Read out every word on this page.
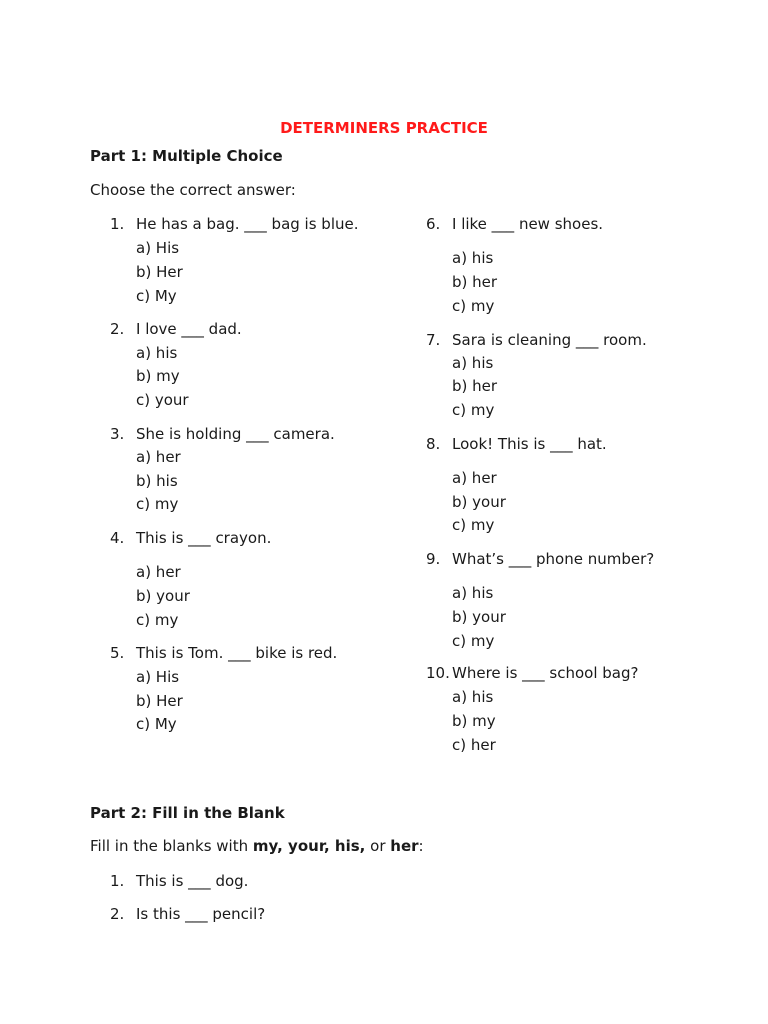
DETERMINERS PRACTICE
Part 1: Multiple Choice
Choose the correct answer:
1. He has a bag. ___ bag is blue.
a) His
b) Her
c) My
2. I love ___ dad.
a) his
b) my
c) your
3. She is holding ___ camera.
a) her
b) his
c) my
4. This is ___ crayon.
a) her
b) your
c) my
5. This is Tom. ___ bike is red.
a) His
b) Her
c) My
6. I like ___ new shoes.
a) his
b) her
c) my
7. Sara is cleaning ___ room.
a) his
b) her
c) my
8. Look! This is ___ hat.
a) her
b) your
c) my
9. What’s ___ phone number?
a) his
b) your
c) my
10. Where is ___ school bag?
a) his
b) my
c) her
Part 2: Fill in the Blank
Fill in the blanks with my, your, his, or her:
1. This is ___ dog.
2. Is this ___ pencil?
